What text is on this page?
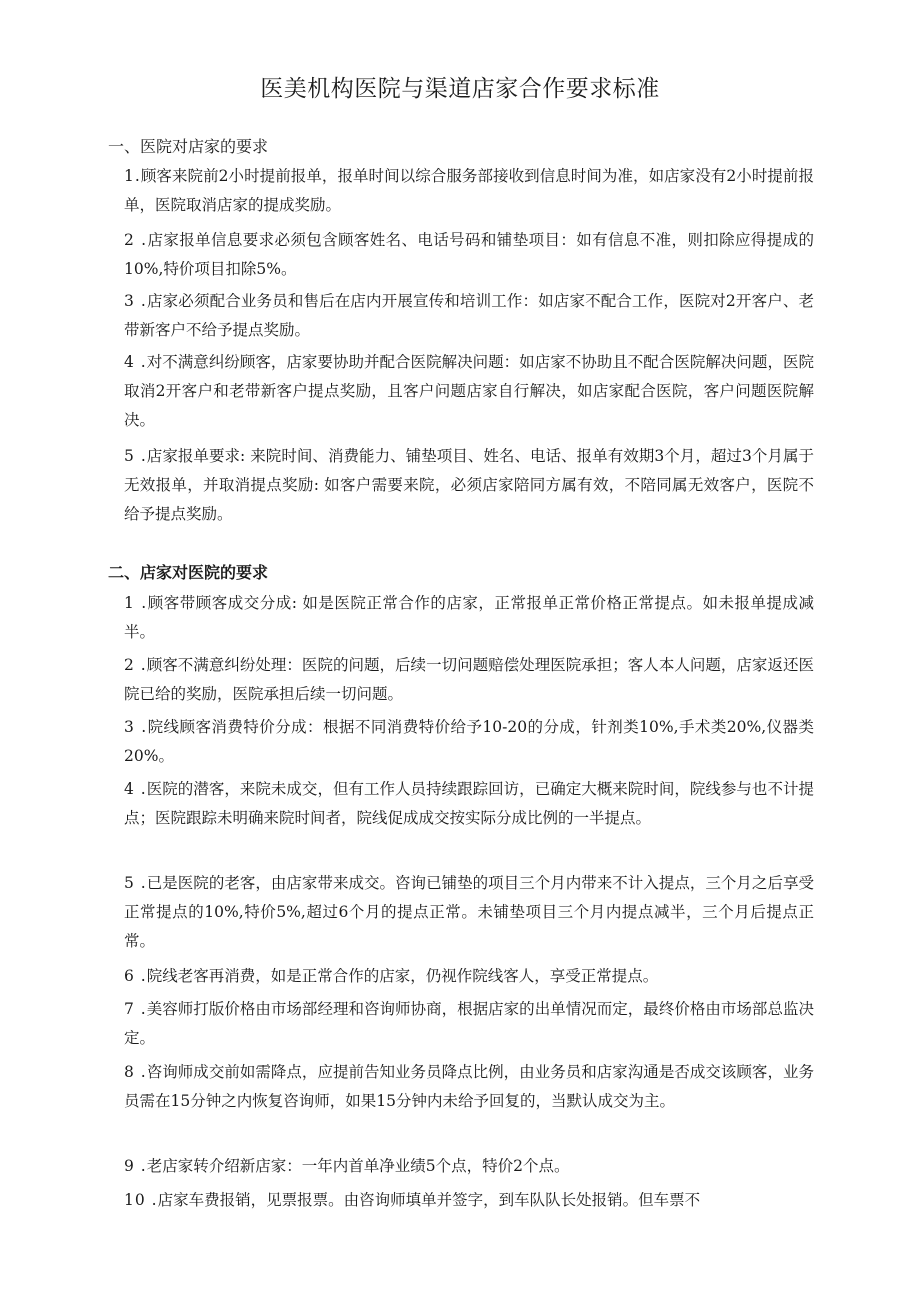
医美机构医院与渠道店家合作要求标准
一、医院对店家的要求

1.顾客来院前2小时提前报单，报单时间以综合服务部接收到信息时间为准，如店家没有2小时提前报单，医院取消店家的提成奖励。

2 .店家报单信息要求必须包含顾客姓名、电话号码和铺垫项目：如有信息不准，则扣除应得提成的10%,特价项目扣除5%。

3 .店家必须配合业务员和售后在店内开展宣传和培训工作：如店家不配合工作，医院对2开客户、老带新客户不给予提点奖励。

4 .对不满意纠纷顾客，店家要协助并配合医院解决问题：如店家不协助且不配合医院解决问题，医院取消2开客户和老带新客户提点奖励，且客户问题店家自行解决，如店家配合医院，客户问题医院解决。

5 .店家报单要求: 来院时间、消费能力、铺垫项目、姓名、电话、报单有效期3个月，超过3个月属于无效报单，并取消提点奖励: 如客户需要来院，必须店家陪同方属有效，不陪同属无效客户，医院不给予提点奖励。

二、店家对医院的要求

1 .顾客带顾客成交分成: 如是医院正常合作的店家，正常报单正常价格正常提点。如未报单提成减半。

2 .顾客不满意纠纷处理：医院的问题，后续一切问题赔偿处理医院承担；客人本人问题，店家返还医院已给的奖励，医院承担后续一切问题。

3 .院线顾客消费特价分成：根据不同消费特价给予10-20的分成，针剂类10%,手术类20%,仪器类20%。

4 .医院的潜客，来院未成交，但有工作人员持续跟踪回访，已确定大概来院时间，院线参与也不计提点；医院跟踪未明确来院时间者，院线促成成交按实际分成比例的一半提点。

5 .已是医院的老客，由店家带来成交。咨询已铺垫的项目三个月内带来不计入提点，三个月之后享受正常提点的10%,特价5%,超过6个月的提点正常。未铺垫项目三个月内提点减半，三个月后提点正常。

6 .院线老客再消费，如是正常合作的店家，仍视作院线客人，享受正常提点。

7 .美容师打版价格由市场部经理和咨询师协商，根据店家的出单情况而定，最终价格由市场部总监决定。

8 .咨询师成交前如需降点，应提前告知业务员降点比例，由业务员和店家沟通是否成交该顾客，业务员需在15分钟之内恢复咨询师，如果15分钟内未给予回复的，当默认成交为主。

9 .老店家转介绍新店家：一年内首单净业绩5个点，特价2个点。

10 .店家车费报销，见票报票。由咨询师填单并签字，到车队队长处报销。但车票不
